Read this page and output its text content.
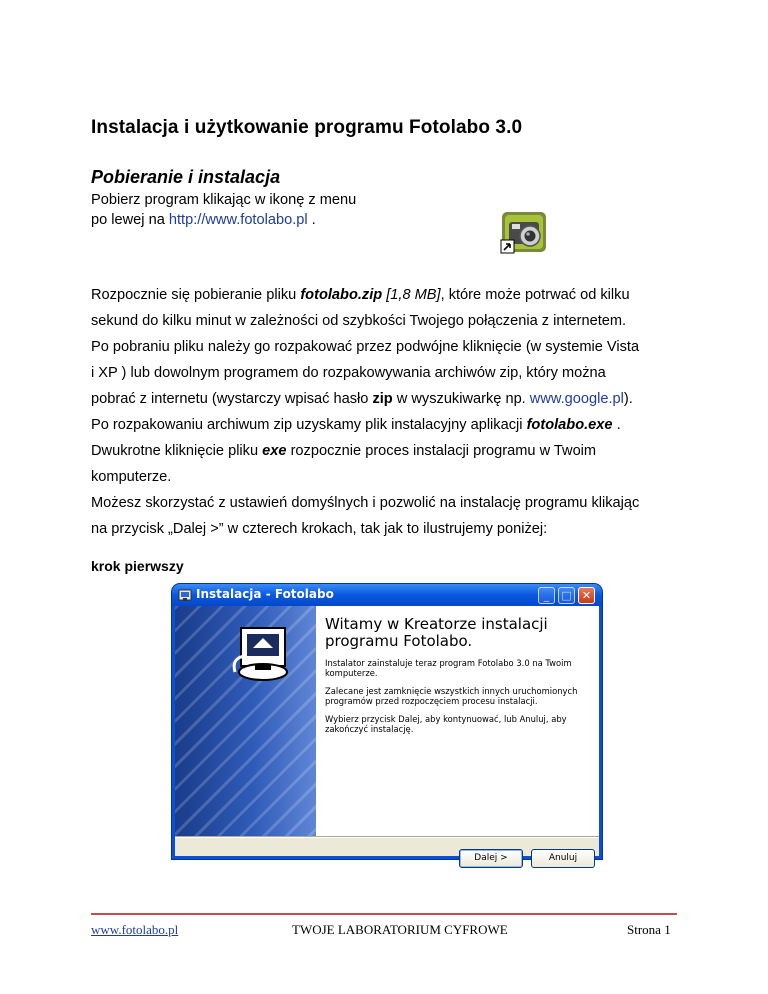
Instalacja i użytkowanie programu Fotolabo 3.0
Pobieranie i instalacja
Pobierz program klikając w ikonę z menu
po lewej na http://www.fotolabo.pl .
Rozpocznie się pobieranie pliku fotolabo.zip [1,8 MB], które może potrwać od kilku
sekund do kilku minut w zależności od szybkości Twojego połączenia z internetem.
Po pobraniu pliku należy go rozpakować przez podwójne kliknięcie (w systemie Vista
i XP ) lub dowolnym programem do rozpakowywania archiwów zip, który można
pobrać z internetu (wystarczy wpisać hasło zip w wyszukiwarkę np. www.google.pl).
Po rozpakowaniu archiwum zip uzyskamy plik instalacyjny aplikacji fotolabo.exe .
Dwukrotne kliknięcie pliku exe rozpocznie proces instalacji programu w Twoim
komputerze.
Możesz skorzystać z ustawień domyślnych i pozwolić na instalację programu klikając
na przycisk „Dalej >” w czterech krokach, tak jak to ilustrujemy poniżej:
krok pierwszy
Instalacja - Fotolabo	_	□ ✕
Witamy w Kreatorze instalacji
programu Fotolabo.
Instalator zainstaluje teraz program Fotolabo 3.0 na Twoim
komputerze.
Zalecane jest zamknięcie wszystkich innych uruchomionych
programów przed rozpoczęciem procesu instalacji.
Wybierz przycisk Dalej, aby kontynuować, lub Anuluj, aby
zakończyć instalację.
Dalej >	Anuluj
www.fotolabo.pl	TWOJE LABORATORIUM CYFROWE	Strona 1
